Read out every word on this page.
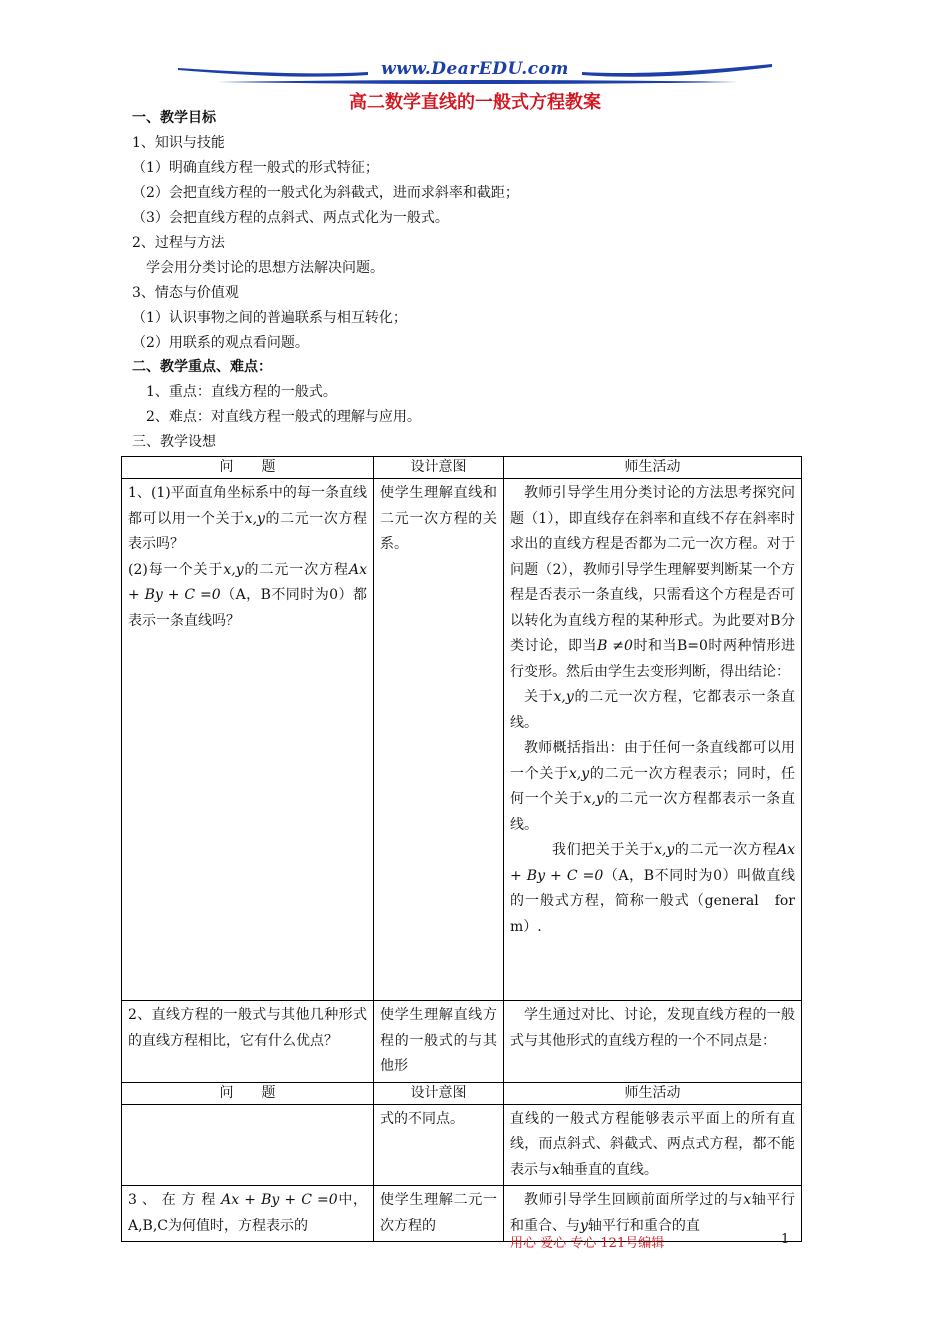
www.DearEDU.com
高二数学直线的一般式方程教案
一、教学目标
1、知识与技能
（1）明确直线方程一般式的形式特征；
（2）会把直线方程的一般式化为斜截式，进而求斜率和截距；
（3）会把直线方程的点斜式、两点式化为一般式。
2、过程与方法
学会用分类讨论的思想方法解决问题。
3、情态与价值观
（1）认识事物之间的普遍联系与相互转化；
（2）用联系的观点看问题。
二、教学重点、难点：
1、重点：直线方程的一般式。
2、难点：对直线方程一般式的理解与应用。
三、教学设想
问　　题	设计意图	师生活动
1、(1)平面直角坐标系中的每一条直线都可以用一个关于x,y的二元一次方程表示吗？
(2)每一个关于x,y的二元一次方程Ax + By + C =0（A，B不同时为0）都表示一条直线吗？	使学生理解直线和二元一次方程的关系。	教师引导学生用分类讨论的方法思考探究问题（1），即直线存在斜率和直线不存在斜率时求出的直线方程是否都为二元一次方程。对于问题（2），教师引导学生理解要判断某一个方程是否表示一条直线，只需看这个方程是否可以转化为直线方程的某种形式。为此要对B分类讨论，即当B ≠0时和当B=0时两种情形进行变形。然后由学生去变形判断，得出结论：
关于x,y的二元一次方程，它都表示一条直线。
教师概括指出：由于任何一条直线都可以用一个关于x,y的二元一次方程表示；同时，任何一个关于x,y的二元一次方程都表示一条直线。
我们把关于关于x,y的二元一次方程Ax + By + C =0（A，B不同时为0）叫做直线的一般式方程，简称一般式（general　form）.

2、直线方程的一般式与其他几种形式的直线方程相比，它有什么优点？	使学生理解直线方程的一般式的与其他形	学生通过对比、讨论，发现直线方程的一般式与其他形式的直线方程的一个不同点是：

问　　题	设计意图	师生活动
	式的不同点。	直线的一般式方程能够表示平面上的所有直线，而点斜式、斜截式、两点式方程，都不能表示与x轴垂直的直线。
3 、 在 方 程 Ax + By + C =0中，A,B,C为何值时，方程表示的	使学生理解二元一次方程的	教师引导学生回顾前面所学过的与x轴平行和重合、与y轴平行和重合的直
用心 爱心 专心 121号编辑	1
